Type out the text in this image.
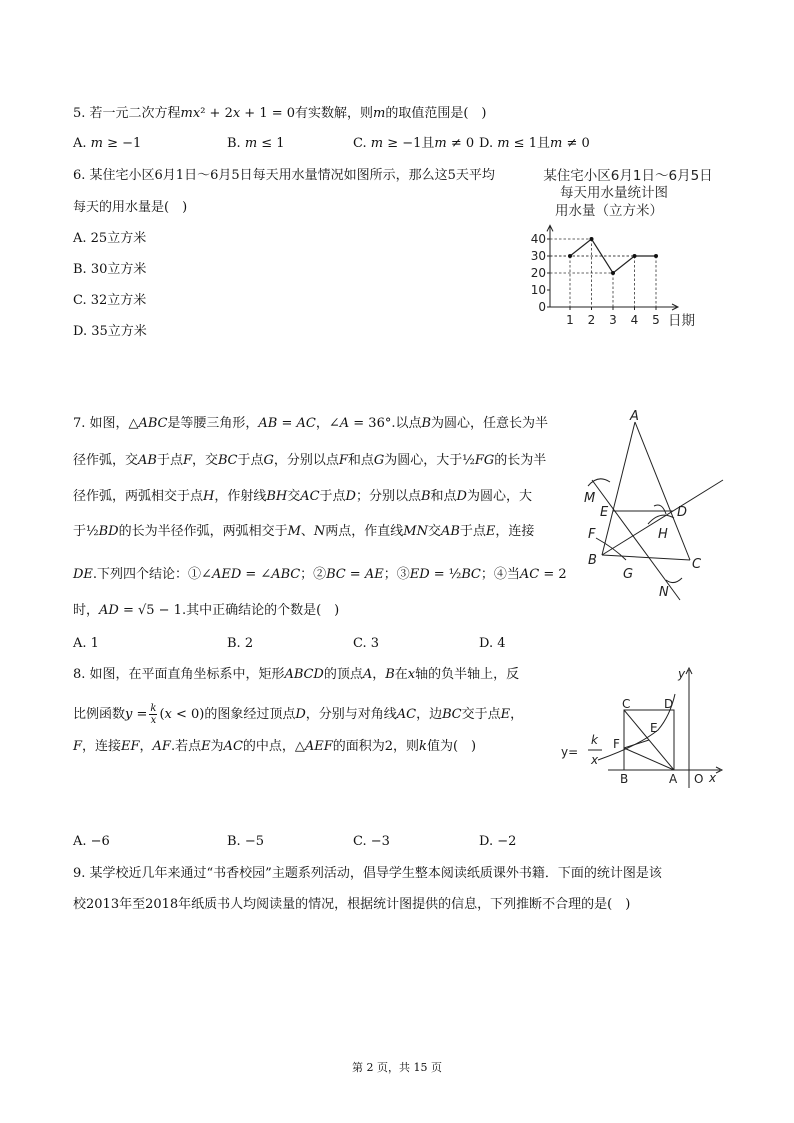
5. 若一元二次方程𝑚𝑥² + 2𝑥 + 1 = 0有实数解，则𝑚的取值范围是(　)
A. 𝑚 ≥ −1	B. 𝑚 ≤ 1	C. 𝑚 ≥ −1且𝑚 ≠ 0 D. 𝑚 ≤ 1且𝑚 ≠ 0
6. 某住宅小区6月1日～6月5日每天用水量情况如图所示，那么这5天平均
每天的用水量是(　)
A. 25立方米
B. 30立方米
C. 32立方米
D. 35立方米
某住宅小区6月1日～6月5日
每天用水量统计图
用水量（立方米）
日期
0
10
20
30
40
1 2 3 4 5
7. 如图，△𝐴𝐵𝐶是等腰三角形，𝐴𝐵 = 𝐴𝐶，∠𝐴 = 36°.以点𝐵为圆心，任意长为半
径作弧，交𝐴𝐵于点𝐹，交𝐵𝐶于点𝐺，分别以点𝐹和点𝐺为圆心，大于½𝐹𝐺的长为半
径作弧，两弧相交于点𝐻，作射线𝐵𝐻交𝐴𝐶于点𝐷；分别以点𝐵和点𝐷为圆心，大
于½𝐵𝐷的长为半径作弧，两弧相交于𝑀、𝑁两点，作直线𝑀𝑁交𝐴𝐵于点𝐸，连接
𝐷𝐸.下列四个结论：①∠𝐴𝐸𝐷 = ∠𝐴𝐵𝐶；②𝐵𝐶 = 𝐴𝐸；③𝐸𝐷 = ½𝐵𝐶；④当𝐴𝐶 = 2
时，𝐴𝐷 = √5 − 1.其中正确结论的个数是(　)
A. 1	B. 2	C. 3	D. 4
A
M
E	D
F	H
B	C
G
N
8. 如图，在平面直角坐标系中，矩形𝐴𝐵𝐶𝐷的顶点𝐴，𝐵在𝑥轴的负半轴上，反
比例函数𝑦 = 𝑘
𝑥 (𝑥 < 0)的图象经过顶点𝐷，分别与对角线𝐴𝐶，边𝐵𝐶交于点𝐸，
𝐹，连接𝐸𝐹，𝐴𝐹.若点𝐸为𝐴𝐶的中点，△𝐴𝐸𝐹的面积为2，则𝑘值为(　)
A. −6	B. −5	C. −3	D. −2
y
C	D
E
F
y=
k
x
B	A O x
9. 某学校近几年来通过“书香校园”主题系列活动，倡导学生整本阅读纸质课外书籍．下面的统计图是该
校2013年至2018年纸质书人均阅读量的情况，根据统计图提供的信息，下列推断不合理的是(　)
第 2 页，共 15 页
